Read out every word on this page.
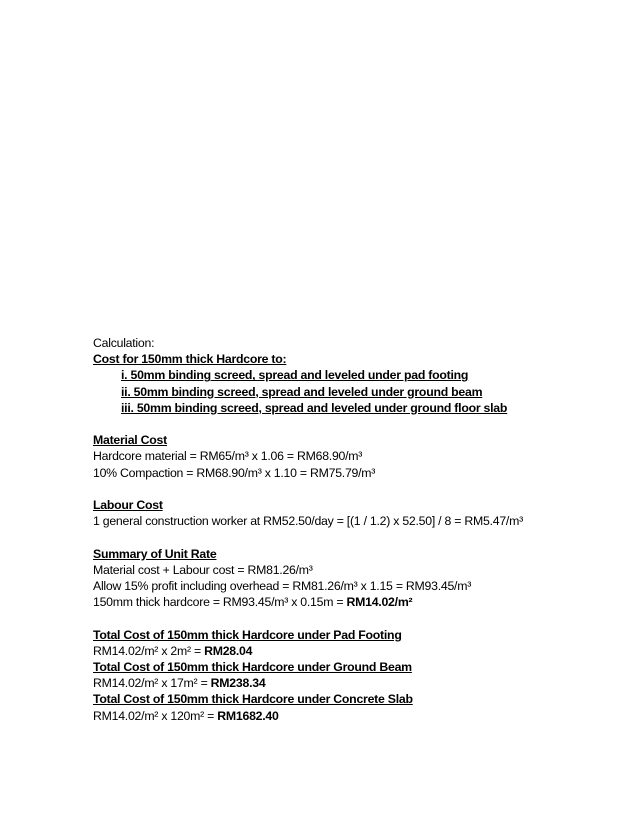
Calculation:
Cost for 150mm thick Hardcore to:
i. 50mm binding screed, spread and leveled under pad footing
ii. 50mm binding screed, spread and leveled under ground beam
iii. 50mm binding screed, spread and leveled under ground floor slab
Material Cost
Hardcore material = RM65/m³ x 1.06 = RM68.90/m³
10% Compaction = RM68.90/m³ x 1.10 = RM75.79/m³
Labour Cost
1 general construction worker at RM52.50/day = [(1 / 1.2) x 52.50] / 8 = RM5.47/m³
Summary of Unit Rate
Material cost + Labour cost = RM81.26/m³
Allow 15% profit including overhead = RM81.26/m³ x 1.15 = RM93.45/m³
150mm thick hardcore = RM93.45/m³ x 0.15m = RM14.02/m²
Total Cost of 150mm thick Hardcore under Pad Footing
RM14.02/m² x 2m² = RM28.04
Total Cost of 150mm thick Hardcore under Ground Beam
RM14.02/m² x 17m² = RM238.34
Total Cost of 150mm thick Hardcore under Concrete Slab
RM14.02/m² x 120m² = RM1682.40
